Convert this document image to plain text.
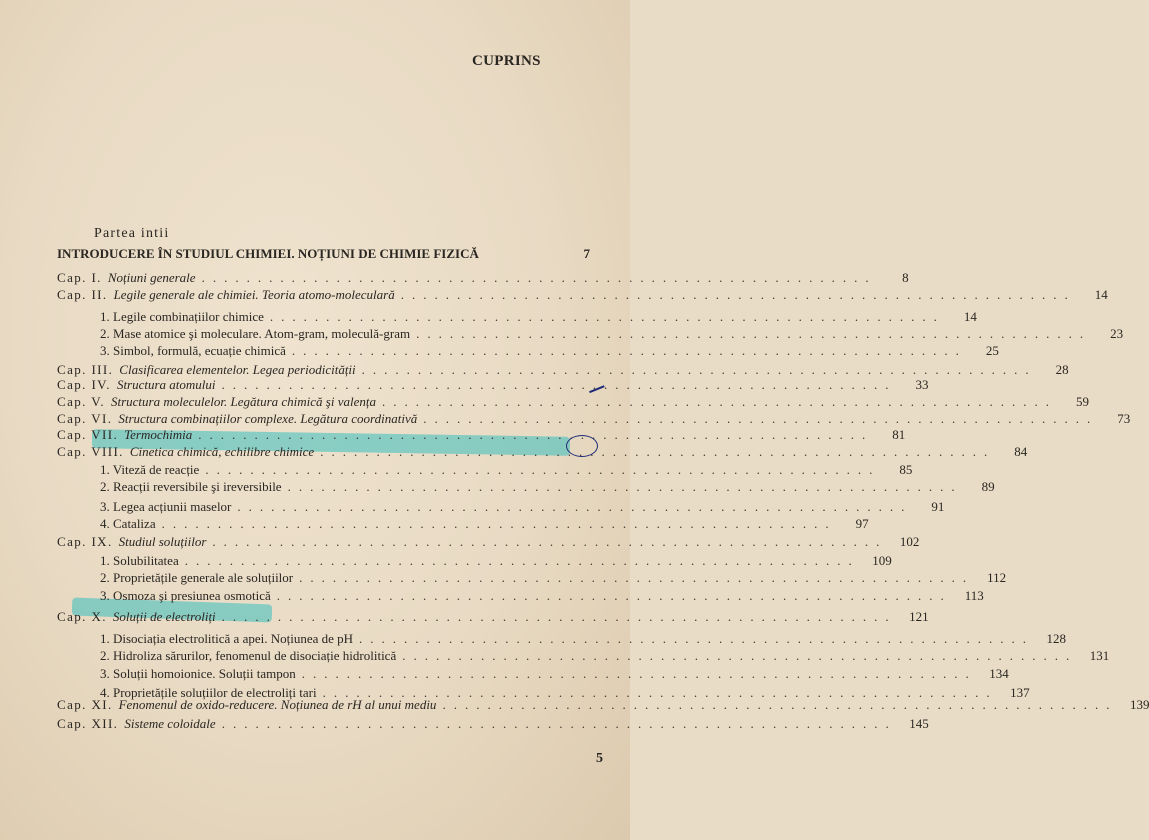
CUPRINS
Partea intii
INTRODUCERE ÎN STUDIUL CHIMIEI. NOȚIUNI DE CHIMIE FIZICĂ	7
Cap. I. Noțiuni generale ............................................................	8
Cap. II. Legile generale ale chimiei. Teoria atomo-moleculară ............................................................	14
1. Legile combinațiilor chimice ............................................................	14
2. Mase atomice şi moleculare. Atom-gram, moleculă-gram ............................................................	23
3. Simbol, formulă, ecuație chimică ............................................................	25
Cap. III. Clasificarea elementelor. Legea periodicității ............................................................	28
Cap. IV. Structura atomului ............................................................	33
Cap. V. Structura moleculelor. Legătura chimică şi valența ............................................................	59
Cap. VI. Structura combinațiilor complexe. Legătura coordinativă ............................................................	73
Cap. VII. Termochimia ............................................................	81
Cap. VIII. Cinetica chimică, echilibre chimice ............................................................	84
1. Viteză de reacție ............................................................	85
2. Reacții reversibile şi ireversibile ............................................................	89
3. Legea acțiunii maselor ............................................................	91
4. Cataliza ............................................................	97
Cap. IX. Studiul soluțiilor ............................................................ 102
1. Solubilitatea ............................................................ 109
2. Proprietățile generale ale soluțiilor ............................................................ 112
3. Osmoza şi presiunea osmotică ............................................................ 113
Cap. X. Soluții de electroliți ............................................................ 121
1. Disociația electrolitică a apei. Noțiunea de pH ............................................................ 128
2. Hidroliza sărurilor, fenomenul de disociație hidrolitică ............................................................ 131
3. Soluții homoionice. Soluții tampon ............................................................ 134
4. Proprietățile soluțiilor de electroliți tari ............................................................ 137
Cap. XI. Fenomenul de oxido-reducere. Noțiunea de rH al unui mediu ............................................................ 139
Cap. XII. Sisteme coloidale ............................................................ 145
5
